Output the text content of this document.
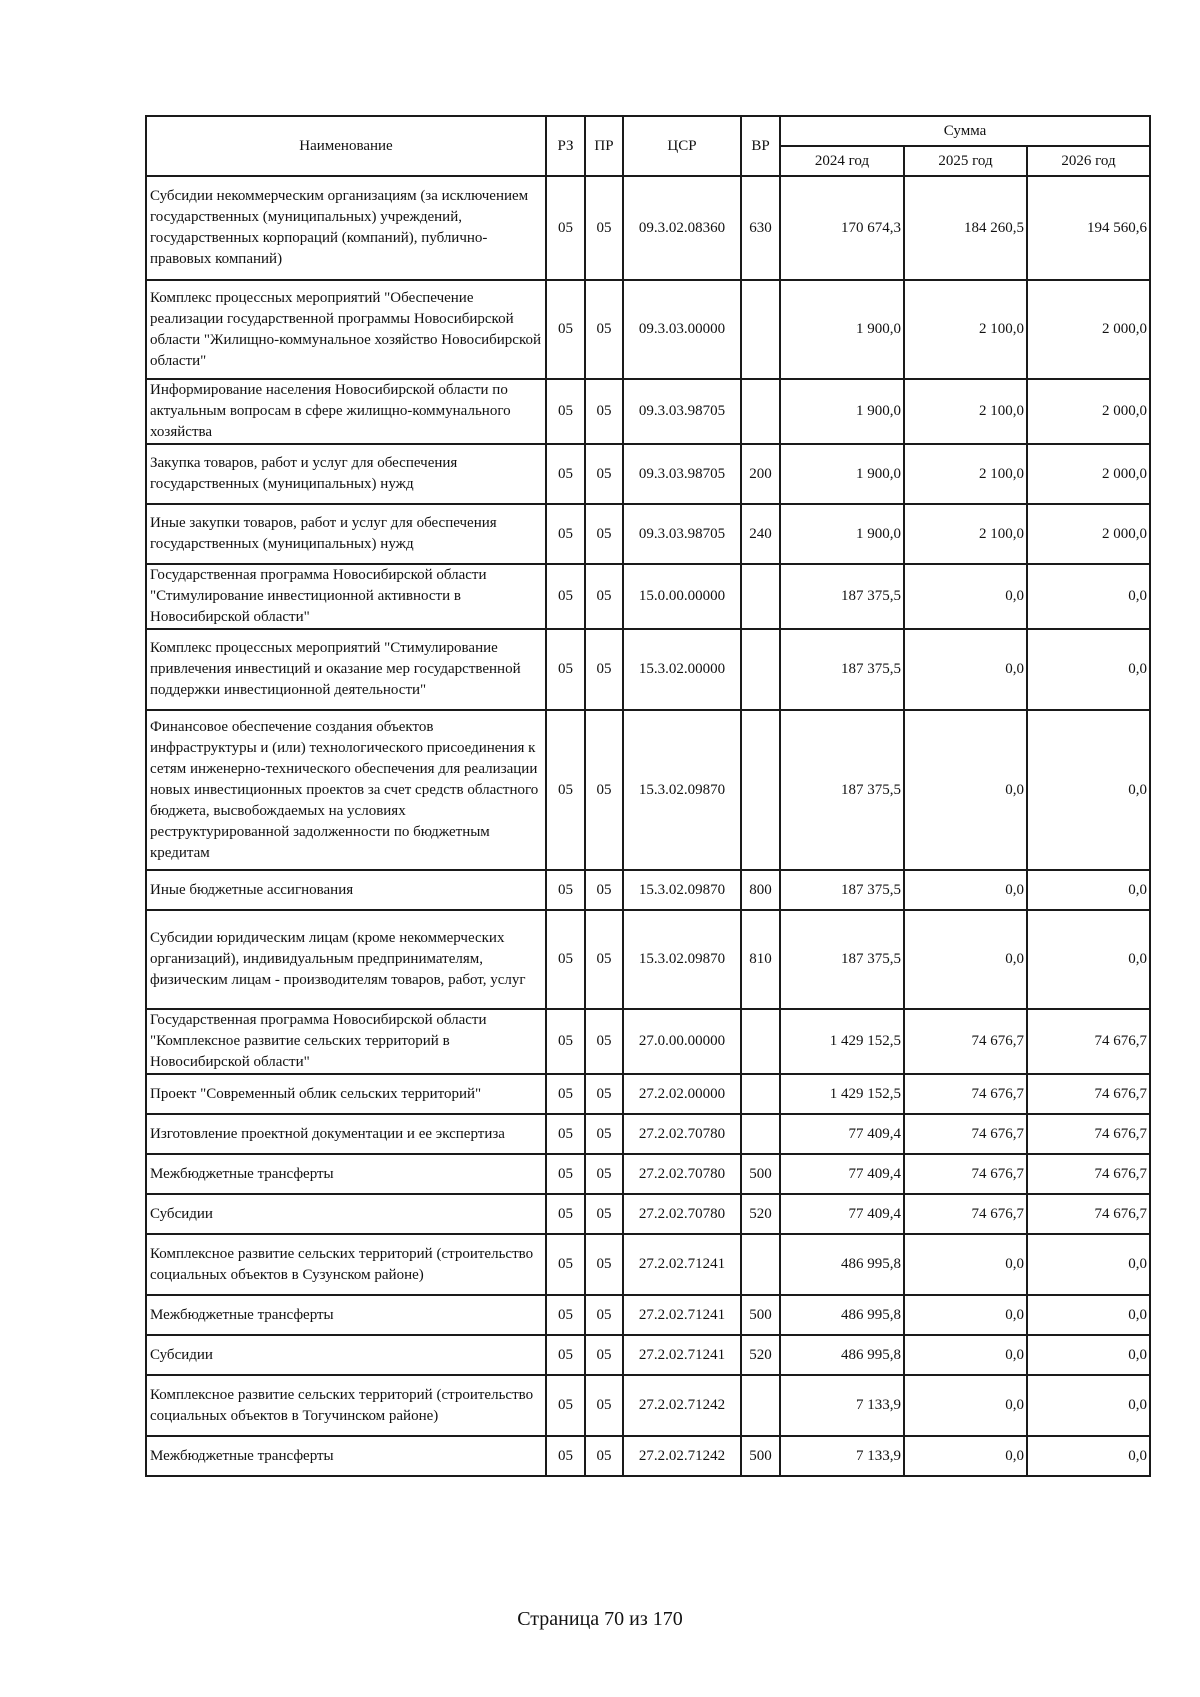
Наименование	РЗ	ПР	ЦСР	ВР	Сумма		
					2024 год	2025 год	2026 год
Субсидии некоммерческим организациям (за исключением государственных (муниципальных) учреждений, государственных корпораций (компаний), публично-правовых компаний)	05	05	09.3.02.08360	630	170 674,3	184 260,5	194 560,6
Комплекс процессных мероприятий "Обеспечение реализации государственной программы Новосибирской области "Жилищно-коммунальное хозяйство Новосибирской области"	05	05	09.3.03.00000		1 900,0	2 100,0	2 000,0
Информирование населения Новосибирской области по актуальным вопросам в сфере жилищно-коммунального хозяйства	05	05	09.3.03.98705		1 900,0	2 100,0	2 000,0
Закупка товаров, работ и услуг для обеспечения государственных (муниципальных) нужд	05	05	09.3.03.98705	200	1 900,0	2 100,0	2 000,0
Иные закупки товаров, работ и услуг для обеспечения государственных (муниципальных) нужд	05	05	09.3.03.98705	240	1 900,0	2 100,0	2 000,0
Государственная программа Новосибирской области "Стимулирование инвестиционной активности в Новосибирской области"	05	05	15.0.00.00000		187 375,5	0,0	0,0
Комплекс процессных мероприятий "Стимулирование привлечения инвестиций и оказание мер государственной поддержки инвестиционной деятельности"	05	05	15.3.02.00000		187 375,5	0,0	0,0
Финансовое обеспечение создания объектов инфраструктуры и (или) технологического присоединения к сетям инженерно-технического обеспечения для реализации новых инвестиционных проектов за счет средств областного бюджета, высвобождаемых на условиях реструктурированной задолженности по бюджетным кредитам	05	05	15.3.02.09870		187 375,5	0,0	0,0
Иные бюджетные ассигнования	05	05	15.3.02.09870	800	187 375,5	0,0	0,0
Субсидии юридическим лицам (кроме некоммерческих организаций), индивидуальным предпринимателям, физическим лицам - производителям товаров, работ, услуг	05	05	15.3.02.09870	810	187 375,5	0,0	0,0
Государственная программа Новосибирской области "Комплексное развитие сельских территорий в Новосибирской области"	05	05	27.0.00.00000		1 429 152,5	74 676,7	74 676,7
Проект "Современный облик сельских территорий"	05	05	27.2.02.00000		1 429 152,5	74 676,7	74 676,7
Изготовление проектной документации и ее экспертиза	05	05	27.2.02.70780		77 409,4	74 676,7	74 676,7
Межбюджетные трансферты	05	05	27.2.02.70780	500	77 409,4	74 676,7	74 676,7
Субсидии	05	05	27.2.02.70780	520	77 409,4	74 676,7	74 676,7
Комплексное развитие сельских территорий (строительство социальных объектов в Сузунском районе)	05	05	27.2.02.71241		486 995,8	0,0	0,0
Межбюджетные трансферты	05	05	27.2.02.71241	500	486 995,8	0,0	0,0
Субсидии	05	05	27.2.02.71241	520	486 995,8	0,0	0,0
Комплексное развитие сельских территорий (строительство социальных объектов в Тогучинском районе)	05	05	27.2.02.71242		7 133,9	0,0	0,0
Межбюджетные трансферты	05	05	27.2.02.71242	500	7 133,9	0,0	0,0
Страница 70 из 170
